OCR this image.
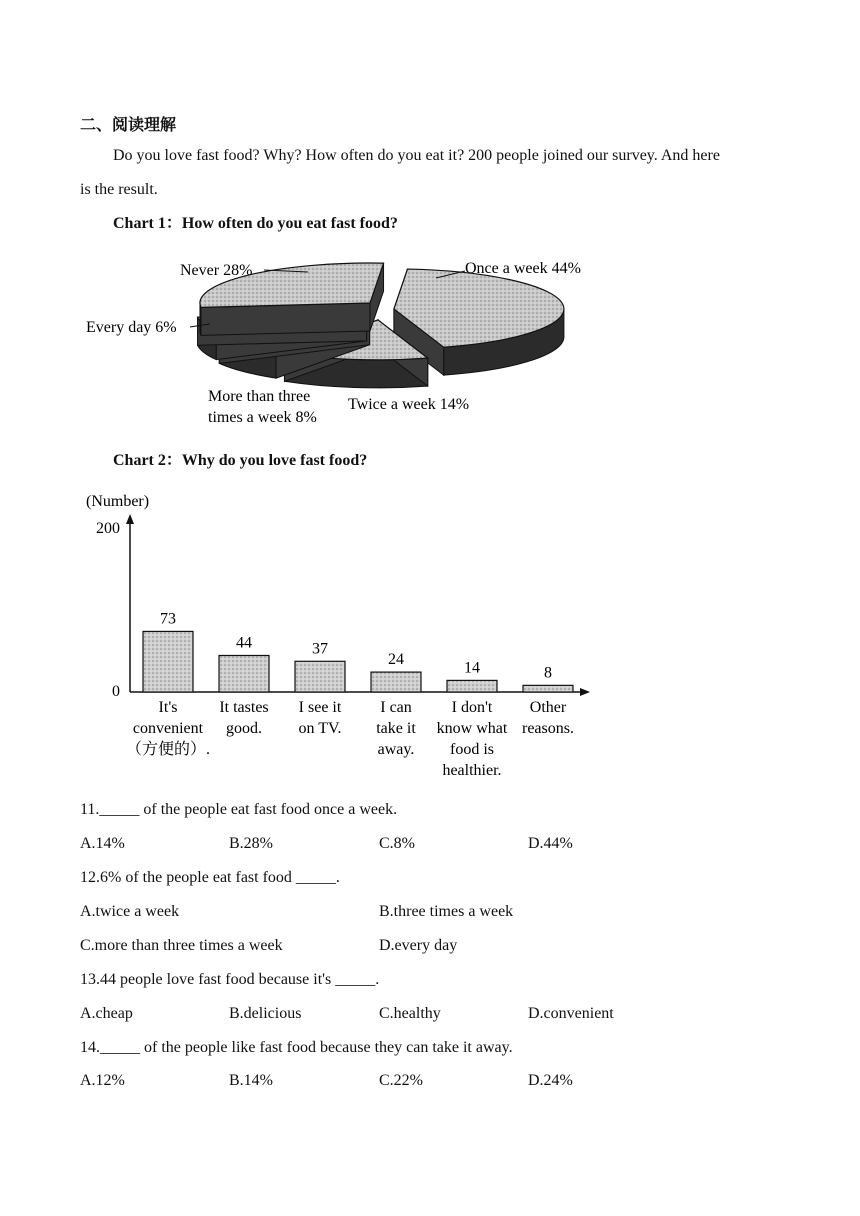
二、阅读理解
Do you love fast food? Why? How often do you eat it? 200 people joined our survey. And here
is the result.
Chart 1：How often do you eat fast food?
Never 28%	Once a week 44%
Every day 6%
More than three
times a week 8%
Twice a week 14%
Chart 2：Why do you love fast food?
(Number)
200
0
73
It's
convenient
（方便的）.
44
It tastes
good.
37
I see it
on TV.
24
I can
take it
away.
14
I don't
know what
food is
healthier.
8
Other
reasons.
11._____ of the people eat fast food once a week.
A.14%	B.28%	C.8%	D.44%
12.6% of the people eat fast food _____.
A.twice a week	B.three times a week
C.more than three times a week	D.every day
13.44 people love fast food because it's _____.
A.cheap	B.delicious	C.healthy	D.convenient
14._____ of the people like fast food because they can take it away.
A.12%	B.14%	C.22%	D.24%
